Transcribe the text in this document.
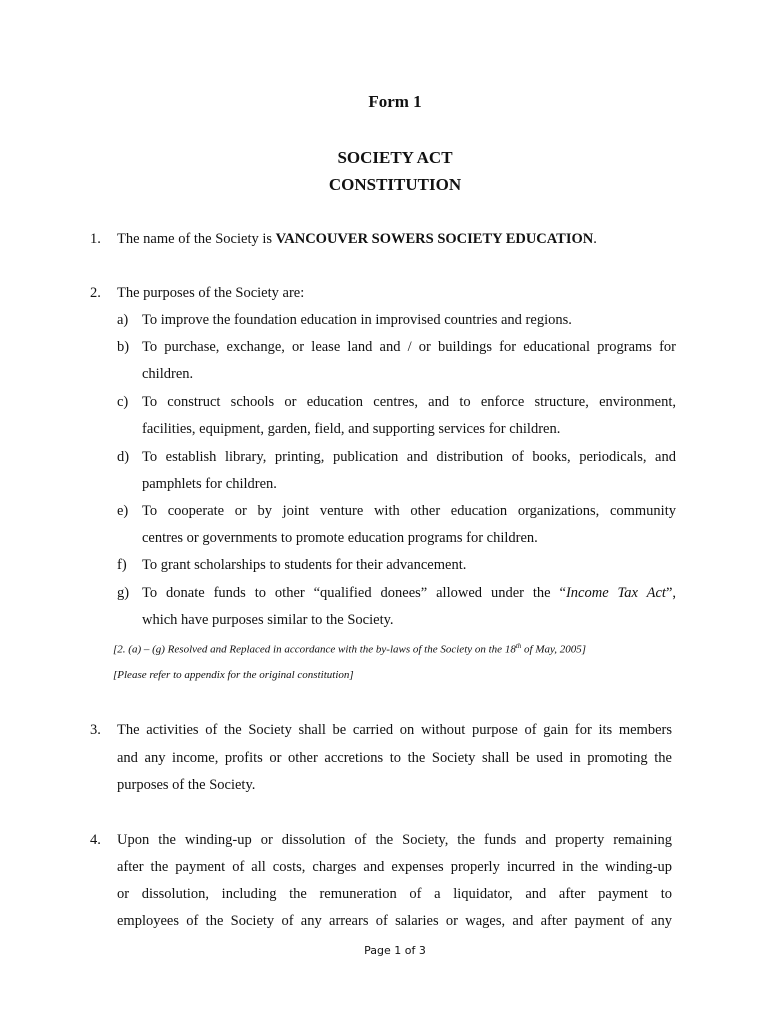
Form 1
SOCIETY ACT
CONSTITUTION
1. The name of the Society is VANCOUVER SOWERS SOCIETY EDUCATION.
2. The purposes of the Society are:
a) To improve the foundation education in improvised countries and regions.
b) To purchase, exchange, or lease land and / or buildings for educational programs for
children.
c) To construct schools or education centres, and to enforce structure, environment,
facilities, equipment, garden, field, and supporting services for children.
d) To establish library, printing, publication and distribution of books, periodicals, and
pamphlets for children.
e) To cooperate or by joint venture with other education organizations, community
centres or governments to promote education programs for children.
f) To grant scholarships to students for their advancement.
g) To donate funds to other “qualified donees” allowed under the “Income Tax Act”,
which have purposes similar to the Society.
[2. (a) – (g) Resolved and Replaced in accordance with the by-laws of the Society on the 18th of May, 2005]
[Please refer to appendix for the original constitution]
3. The activities of the Society shall be carried on without purpose of gain for its members
and any income, profits or other accretions to the Society shall be used in promoting the
purposes of the Society.
4. Upon the winding-up or dissolution of the Society, the funds and property remaining
after the payment of all costs, charges and expenses properly incurred in the winding-up
or dissolution, including the remuneration of a liquidator, and after payment to
employees of the Society of any arrears of salaries or wages, and after payment of any
Page 1 of 3
